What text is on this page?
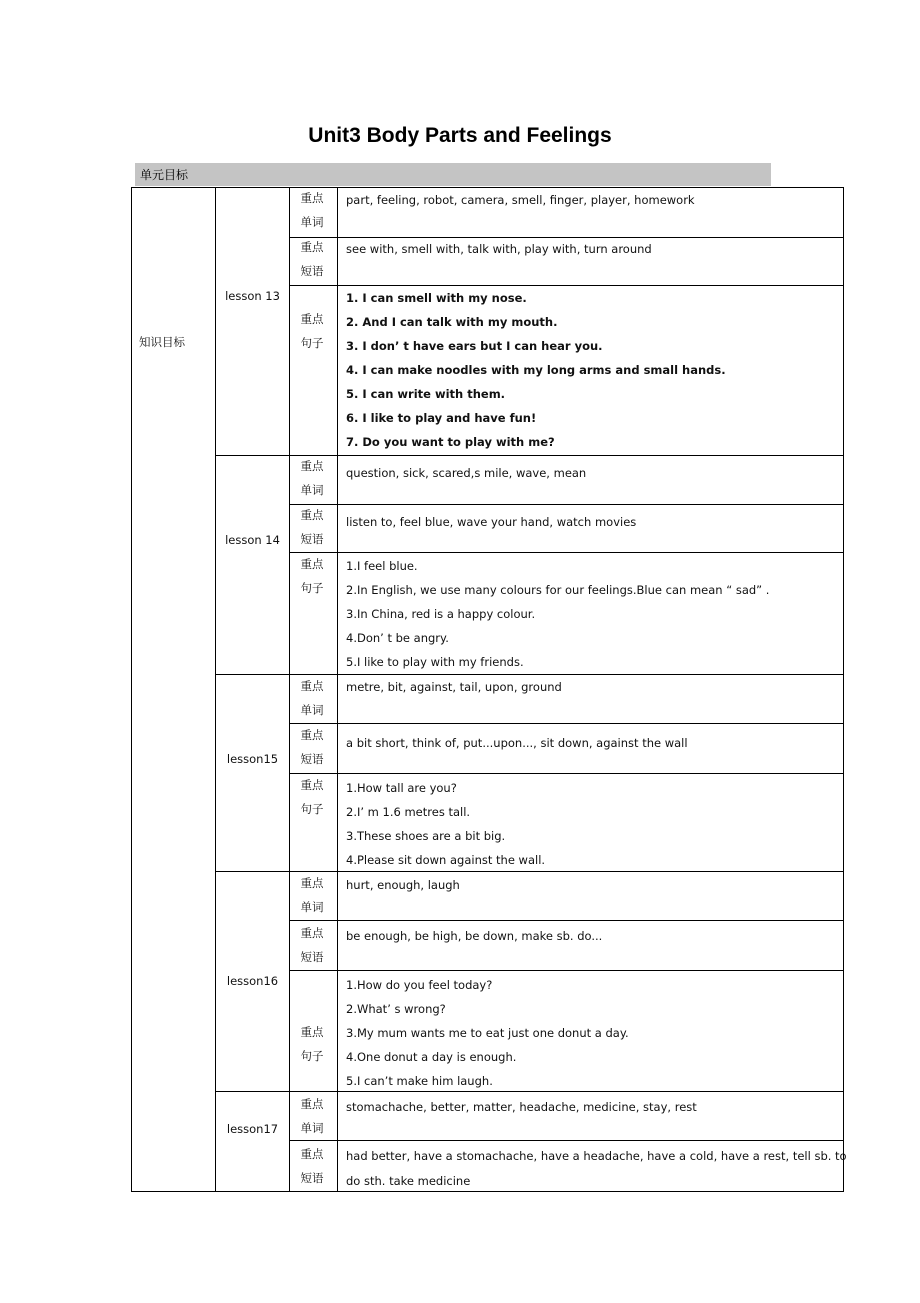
Unit3 Body Parts and Feelings
单元目标
知识目标
lesson 13
lesson 14
lesson15
lesson16
lesson17
重点
单词
part, feeling, robot, camera, smell, finger, player, homework
重点
短语
see with, smell with, talk with, play with, turn around
重点
句子
1. I can smell with my nose.
2. And I can talk with my mouth.
3. I don’ t have ears but I can hear you.
4. I can make noodles with my long arms and small hands.
5. I can write with them.
6. I like to play and have fun!
7. Do you want to play with me?
重点
单词
question, sick, scared,s mile, wave, mean
重点
短语
listen to, feel blue, wave your hand, watch movies
重点
句子
1.I feel blue.
2.In English, we use many colours for our feelings.Blue can mean “ sad” .
3.In China, red is a happy colour.
4.Don’ t be angry.
5.I like to play with my friends.
重点
单词
metre, bit, against, tail, upon, ground
重点
短语
a bit short, think of, put...upon..., sit down, against the wall
重点
句子
1.How tall are you?
2.I’ m 1.6 metres tall.
3.These shoes are a bit big.
4.Please sit down against the wall.
重点
单词
hurt, enough, laugh
重点
短语
be enough, be high, be down, make sb. do...
重点
句子
1.How do you feel today?
2.What’ s wrong?
3.My mum wants me to eat just one donut a day.
4.One donut a day is enough.
5.I can’t make him laugh.
重点
单词
stomachache, better, matter, headache, medicine, stay, rest
重点
短语
had better, have a stomachache, have a headache, have a cold, have a rest, tell sb. to
do sth. take medicine
